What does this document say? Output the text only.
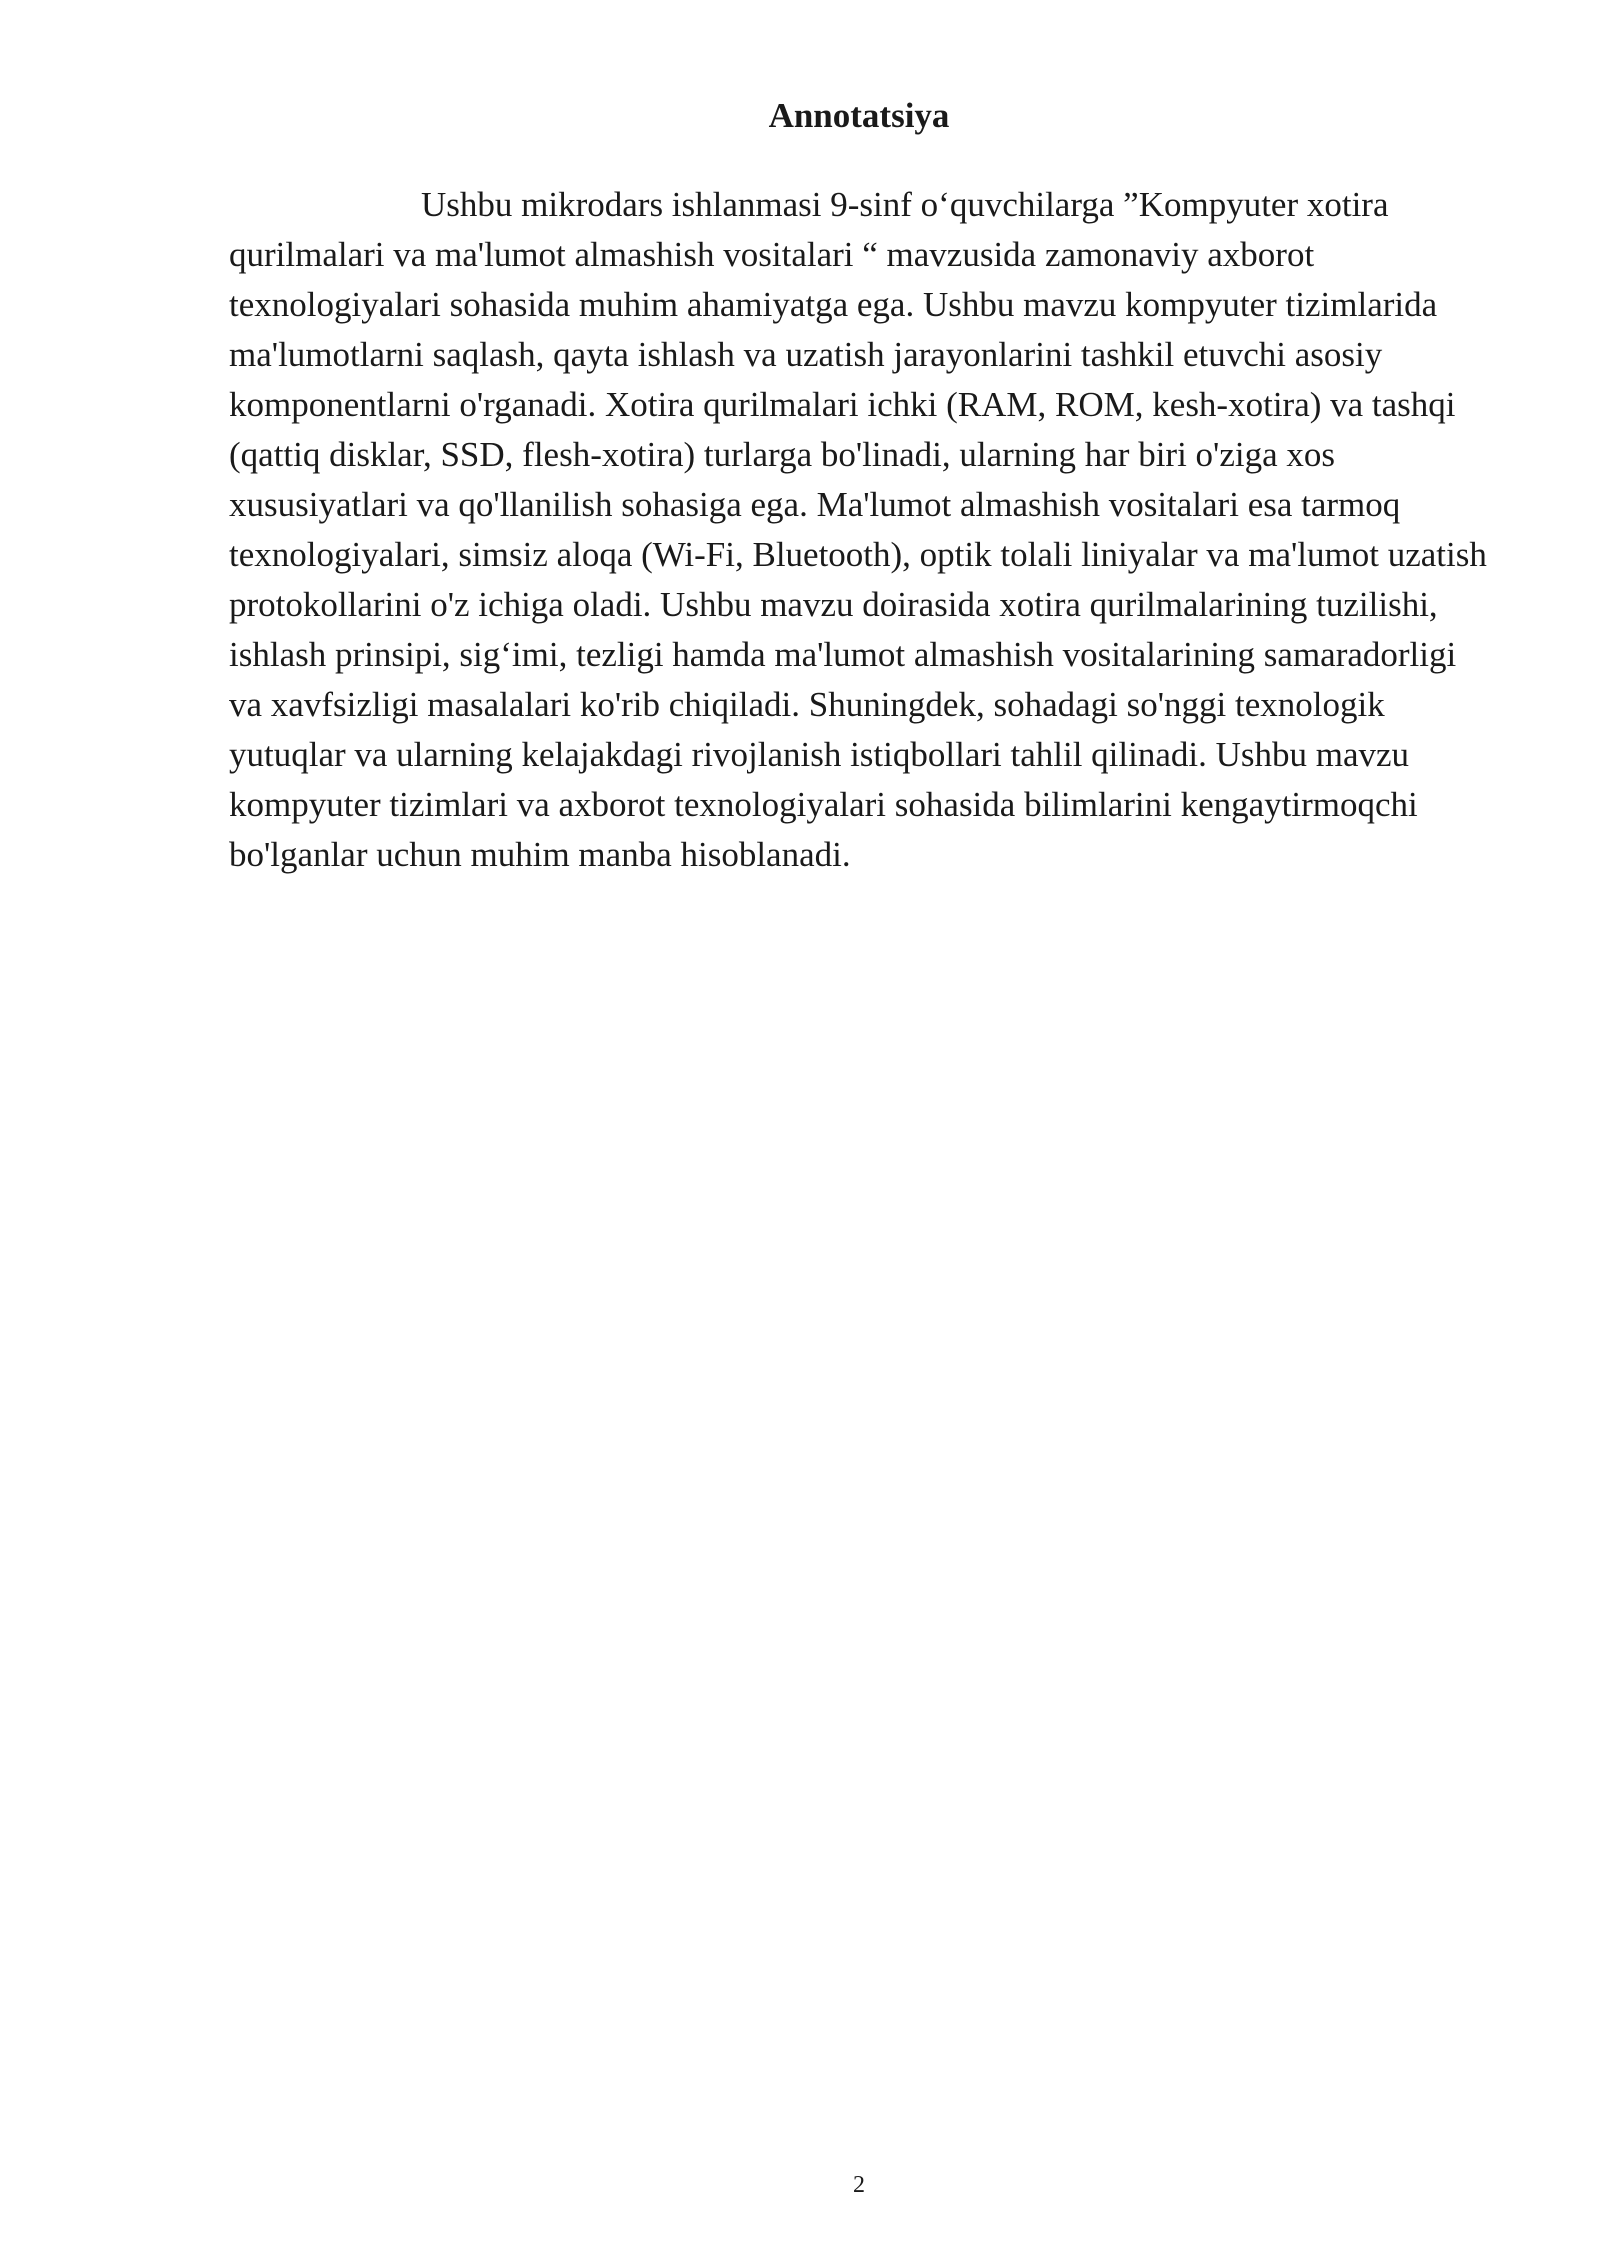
Annotatsiya

Ushbu mikrodars ishlanmasi 9-sinf o‘quvchilarga ”Kompyuter xotira qurilmalari va ma'lumot almashish vositalari “ mavzusida zamonaviy axborot texnologiyalari sohasida muhim ahamiyatga ega. Ushbu mavzu kompyuter tizimlarida ma'lumotlarni saqlash, qayta ishlash va uzatish jarayonlarini tashkil etuvchi asosiy komponentlarni o'rganadi. Xotira qurilmalari ichki (RAM, ROM, kesh-xotira) va tashqi (qattiq disklar, SSD, flesh-xotira) turlarga bo'linadi, ularning har biri o'ziga xos xususiyatlari va qo'llanilish sohasiga ega. Ma'lumot almashish vositalari esa tarmoq texnologiyalari, simsiz aloqa (Wi-Fi, Bluetooth), optik tolali liniyalar va ma'lumot uzatish protokollarini o'z ichiga oladi. Ushbu mavzu doirasida xotira qurilmalarining tuzilishi, ishlash prinsipi, sig‘imi, tezligi hamda ma'lumot almashish vositalarining samaradorligi va xavfsizligi masalalari ko'rib chiqiladi. Shuningdek, sohadagi so'nggi texnologik yutuqlar va ularning kelajakdagi rivojlanish istiqbollari tahlil qilinadi. Ushbu mavzu kompyuter tizimlari va axborot texnologiyalari sohasida bilimlarini kengaytirmoqchi bo'lganlar uchun muhim manba hisoblanadi.

2
